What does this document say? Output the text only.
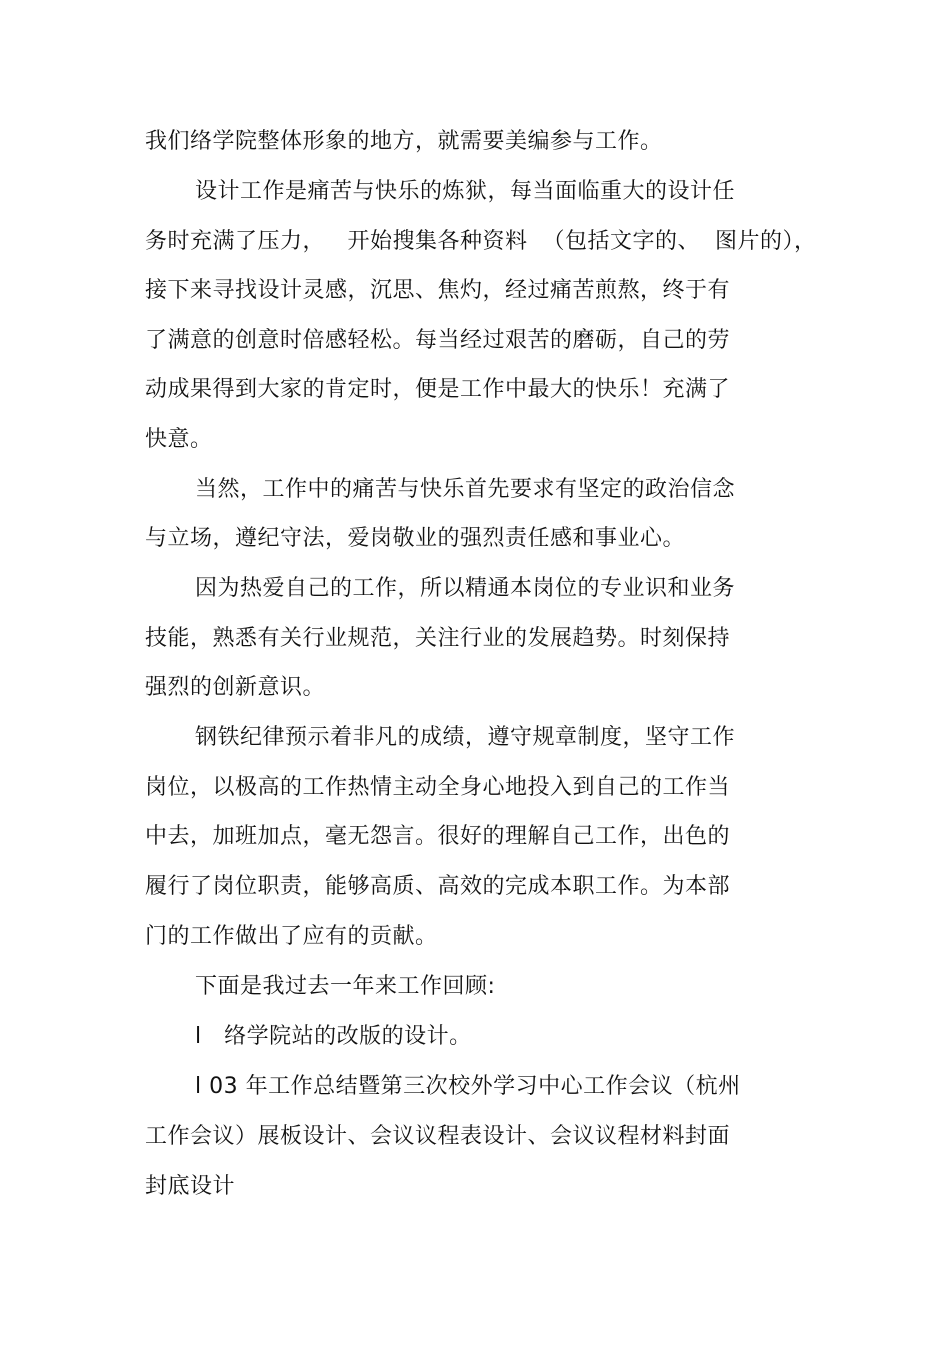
我们络学院整体形象的地方，就需要美编参与工作。
设计工作是痛苦与快乐的炼狱，每当面临重大的设计任
务时充满了压力，   开始搜集各种资料  （包括文字的、  图片的），
接下来寻找设计灵感，沉思、焦灼，经过痛苦煎熬，终于有
了满意的创意时倍感轻松。每当经过艰苦的磨砺，自己的劳
动成果得到大家的肯定时，便是工作中最大的快乐！充满了
快意。
当然，工作中的痛苦与快乐首先要求有坚定的政治信念
与立场，遵纪守法，爱岗敬业的强烈责任感和事业心。
因为热爱自己的工作，所以精通本岗位的专业识和业务
技能，熟悉有关行业规范，关注行业的发展趋势。时刻保持
强烈的创新意识。
钢铁纪律预示着非凡的成绩，遵守规章制度，坚守工作
岗位，以极高的工作热情主动全身心地投入到自己的工作当
中去，加班加点，毫无怨言。很好的理解自己工作，出色的
履行了岗位职责，能够高质、高效的完成本职工作。为本部
门的工作做出了应有的贡献。
下面是我过去一年来工作回顾:
l   络学院站的改版的设计。
l 03 年工作总结暨第三次校外学习中心工作会议（杭州
工作会议）展板设计、会议议程表设计、会议议程材料封面
封底设计
